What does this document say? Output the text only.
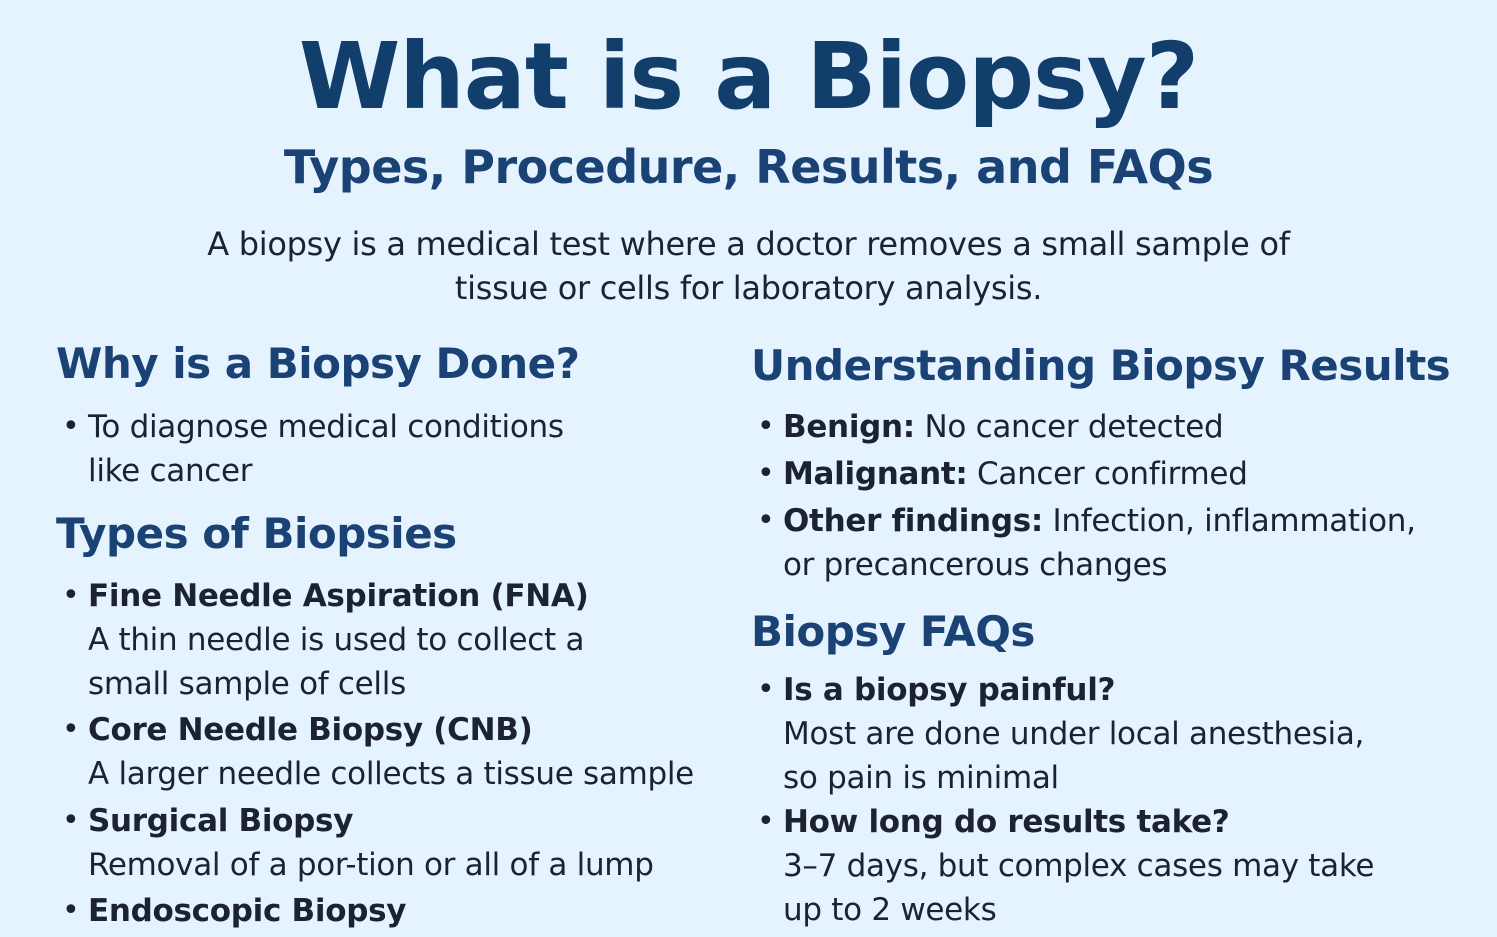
What is a Biopsy?
Types, Procedure, Results, and FAQs
A biopsy is a medical test where a doctor removes a small sample of
tissue or cells for laboratory analysis.
Why is a Biopsy Done?
• To diagnose medical conditions
like cancer
Types of Biopsies
• Fine Needle Aspiration (FNA)
A thin needle is used to collect a
small sample of cells
• Core Needle Biopsy (CNB)
A larger needle collects a tissue sample
• Surgical Biopsy
Removal of a por-tion or all of a lump
• Endoscopic Biopsy
Understanding Biopsy Results
• Benign: No cancer detected
• Malignant: Cancer confirmed
• Other findings: Infection, inflammation,
or precancerous changes
Biopsy FAQs
• Is a biopsy painful?
Most are done under local anesthesia,
so pain is minimal
• How long do results take?
3–7 days, but complex cases may take
up to 2 weeks
